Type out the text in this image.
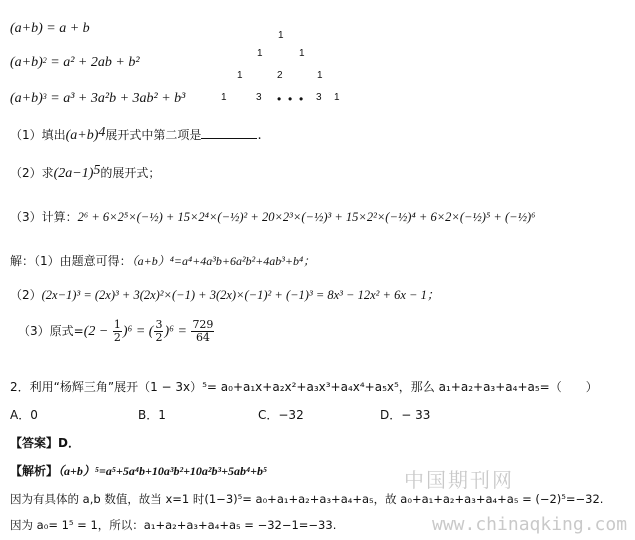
(a+b) = a + b
$(a+b)^2 = a^2 + 2ab + b^2$
$(a+b)^3 = a^3 + 3a^2b + 3ab^2 + b^3$
1
1	1
1	2	1
1	3 • • • 3 1
（1）填出$(a+b)^4$展开式中第二项是	.
（2）求$(2a-1)^5$的展开式；
（3）计算：2⁶ + 6×2⁵×(−½) + 15×2⁴×(−½)² + 20×2³×(−½)³ + 15×2²×(−½)⁴ + 6×2×(−½)⁵ + (−½)⁶
解：（1）由题意可得：（a+b）⁴=a⁴+4a³b+6a²b²+4ab³+b⁴；
（2）(2x−1)³ = (2x)³ + 3(2x)²×(−1) + 3(2x)×(−1)² + (−1)³ = 8x³ − 12x² + 6x − 1；
（3）原式$=(2 - \frac{1}{2} )^6$ = ( $\frac{3}{2} )^6 = \frac{729}{64}$
2．利用“杨辉三角”展开（1 − 3x）⁵= a₀+a₁x+a₂x²+a₃x³+a₄x⁴+a₅x⁵，那么 a₁+a₂+a₃+a₄+a₅=（　　）
A．0	B．1	C．−32	D．− 33
【答案】D．
【解析】（a+b）⁵=a⁵+5a⁴b+10a³b²+10a²b³+5ab⁴+b⁵	中国期刊网
www.chinaqking.com
因为有具体的 a,b 数值，故当 x=1 时(1−3)⁵= a₀+a₁+a₂+a₃+a₄+a₅，故 a₀+a₁+a₂+a₃+a₄+a₅ = (−2)⁵=−32.
因为 a₀= 1⁵ = 1，所以：a₁+a₂+a₃+a₄+a₅ = −32−1=−33.
